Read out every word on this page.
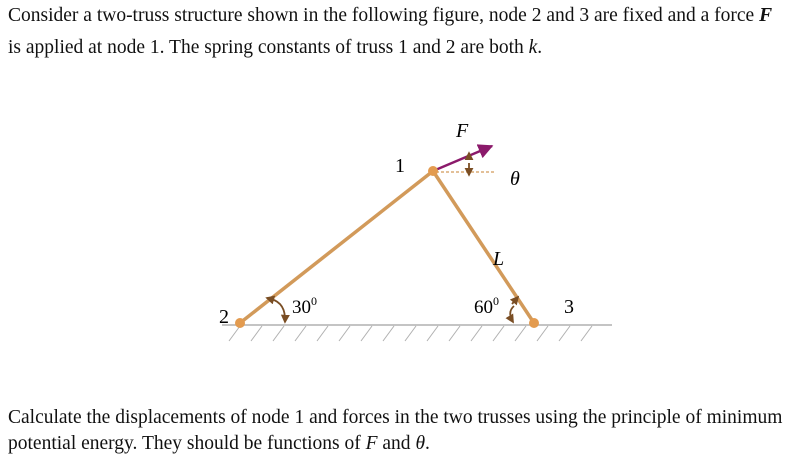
Consider a two-truss structure shown in the following figure, node 2 and 3 are fixed and a force F is applied at node 1. The spring constants of truss 1 and 2 are both k.

F
θ
1
L
2	3
$30^0$	$60^0$

Calculate the displacements of node 1 and forces in the two trusses using the principle of minimum potential energy. They should be functions of F and θ.
